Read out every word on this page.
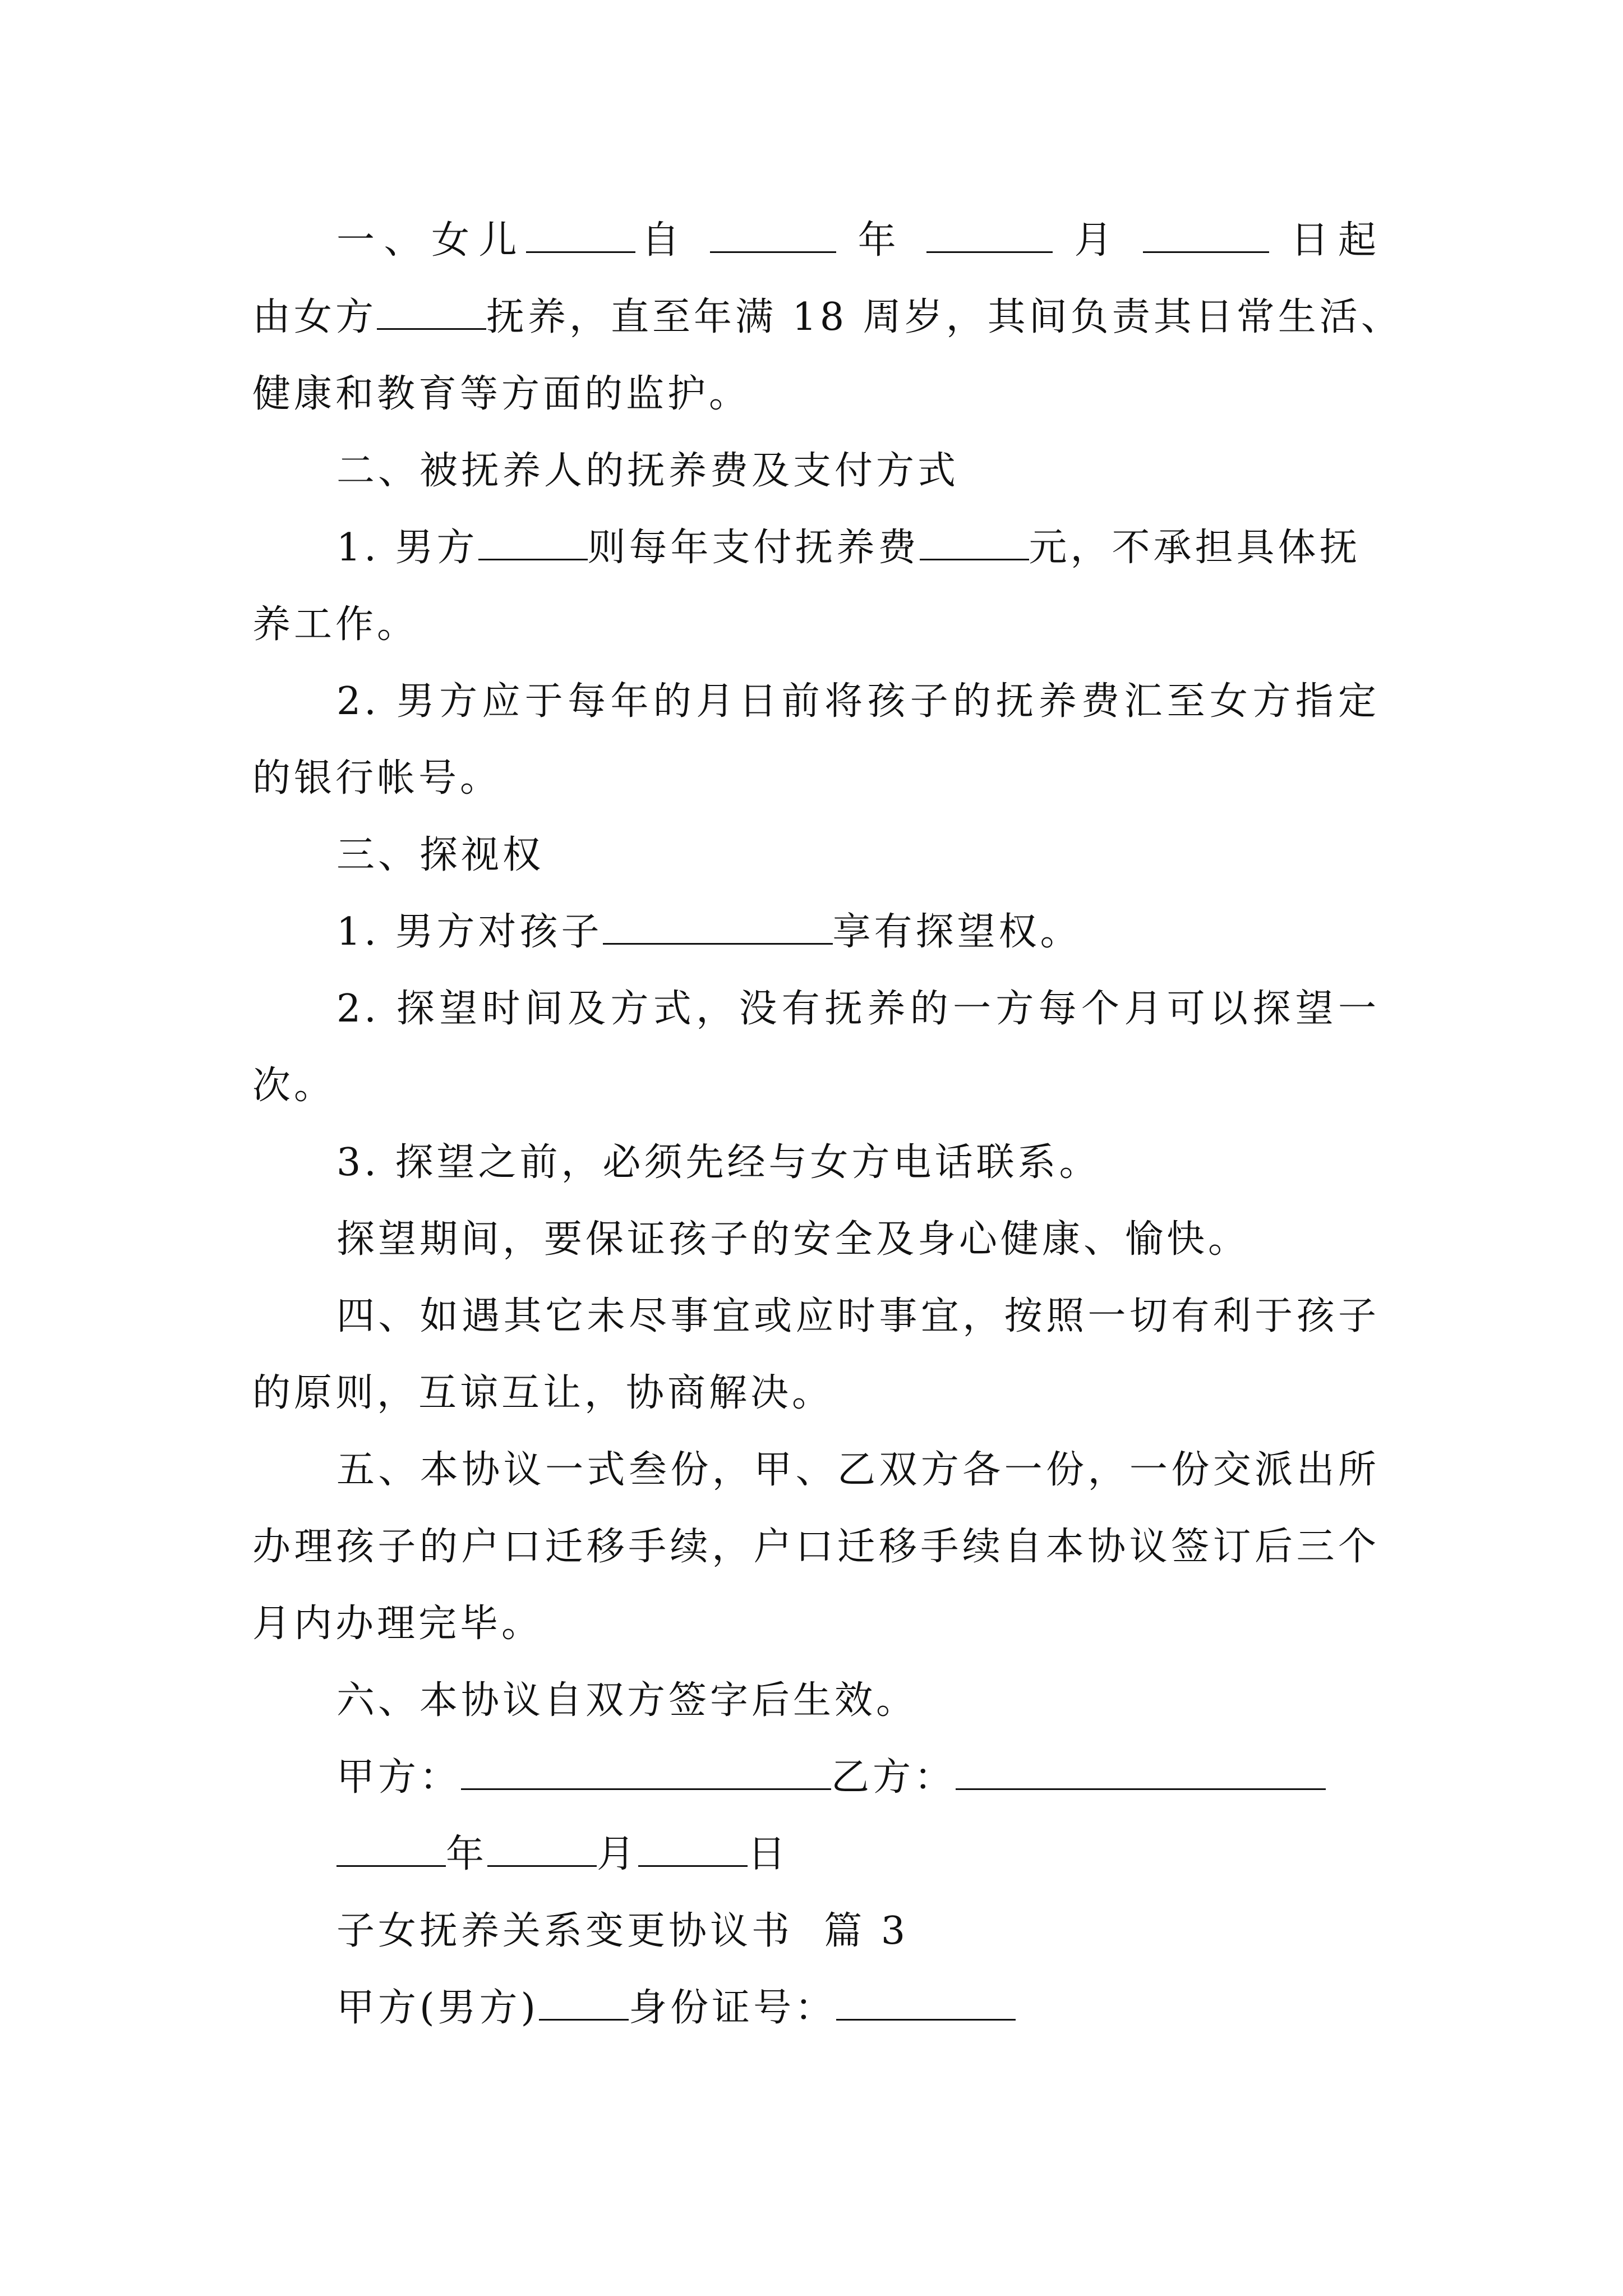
一、女儿	自	年	月	日起

由女方	抚养，直至年满 18 周岁，其间负责其日常生活、

健康和教育等方面的监护。

二、被抚养人的抚养费及支付方式

1. 男方	则每年支付抚养费	元，不承担具体抚

养工作。

2. 男方应于每年的月日前将孩子的抚养费汇至女方指定的银行帐号。

三、探视权

1. 男方对孩子	享有探望权。

2. 探望时间及方式，没有抚养的一方每个月可以探望一次。

3. 探望之前，必须先经与女方电话联系。

探望期间，要保证孩子的安全及身心健康、愉快。

四、如遇其它未尽事宜或应时事宜，按照一切有利于孩子的原则，互谅互让，协商解决。

五、本协议一式叁份，甲、乙双方各一份，一份交派出所办理孩子的户口迁移手续，户口迁移手续自本协议签订后三个月内办理完毕。

六、本协议自双方签字后生效。

甲方：	乙方：

年	月	日

子女抚养关系变更协议书  篇 3

甲方(男方) 身份证号：
